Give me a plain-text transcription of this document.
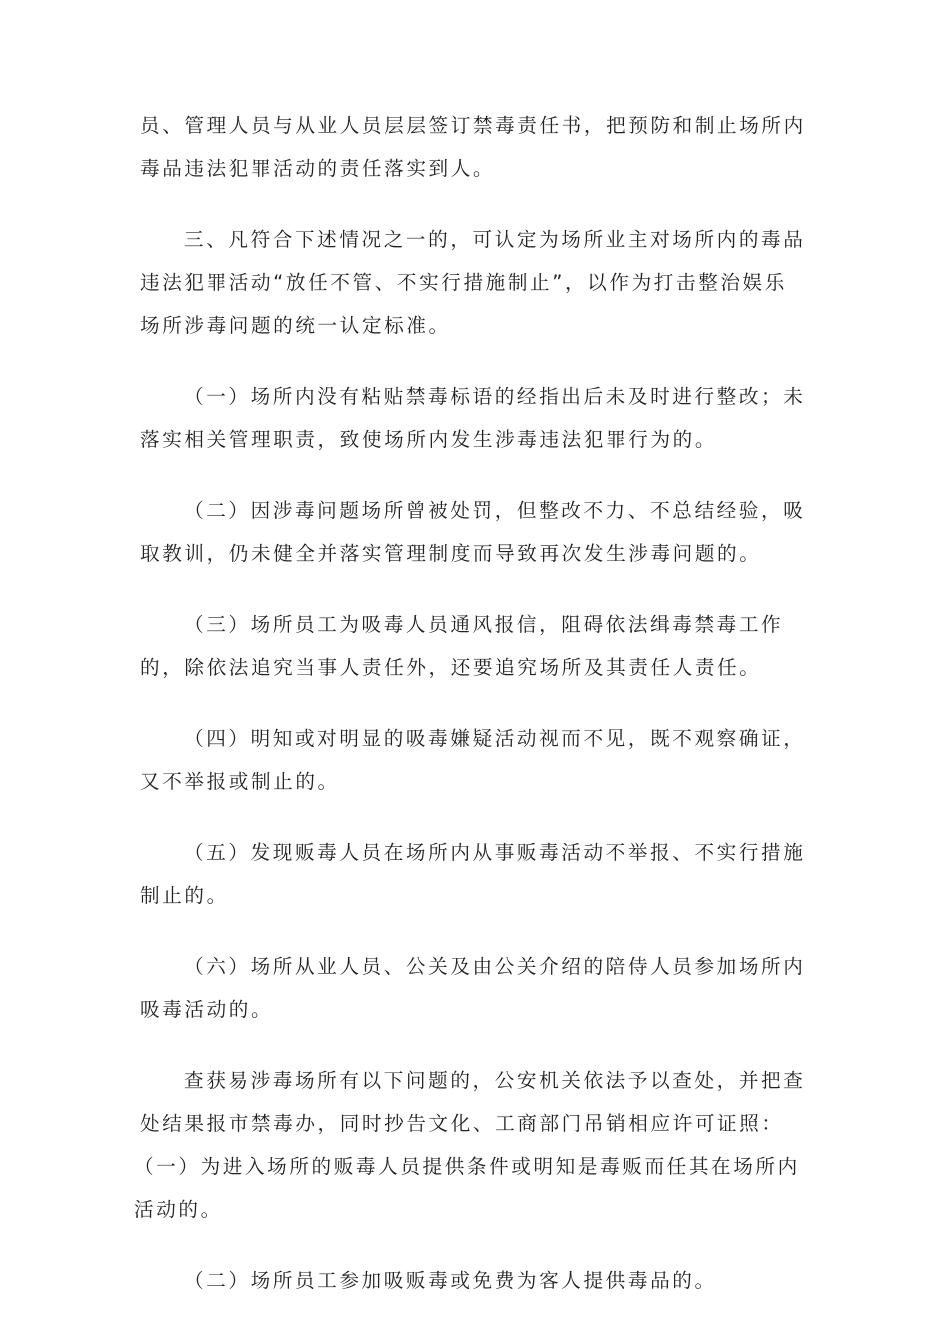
员、管理人员与从业人员层层签订禁毒责任书，把预防和制止场所内
毒品违法犯罪活动的责任落实到人。

三、凡符合下述情况之一的，可认定为场所业主对场所内的毒品
违法犯罪活动“放任不管、不实行措施制止”，以作为打击整治娱乐
场所涉毒问题的统一认定标准。

（一）场所内没有粘贴禁毒标语的经指出后未及时进行整改；未
落实相关管理职责，致使场所内发生涉毒违法犯罪行为的。

（二）因涉毒问题场所曾被处罚，但整改不力、不总结经验，吸
取教训，仍未健全并落实管理制度而导致再次发生涉毒问题的。

（三）场所员工为吸毒人员通风报信，阻碍依法缉毒禁毒工作
的，除依法追究当事人责任外，还要追究场所及其责任人责任。

（四）明知或对明显的吸毒嫌疑活动视而不见，既不观察确证，
又不举报或制止的。

（五）发现贩毒人员在场所内从事贩毒活动不举报、不实行措施
制止的。

（六）场所从业人员、公关及由公关介绍的陪侍人员参加场所内
吸毒活动的。

查获易涉毒场所有以下问题的，公安机关依法予以查处，并把查
处结果报市禁毒办，同时抄告文化、工商部门吊销相应许可证照：

（一）为进入场所的贩毒人员提供条件或明知是毒贩而任其在场所内
活动的。

（二）场所员工参加吸贩毒或免费为客人提供毒品的。
